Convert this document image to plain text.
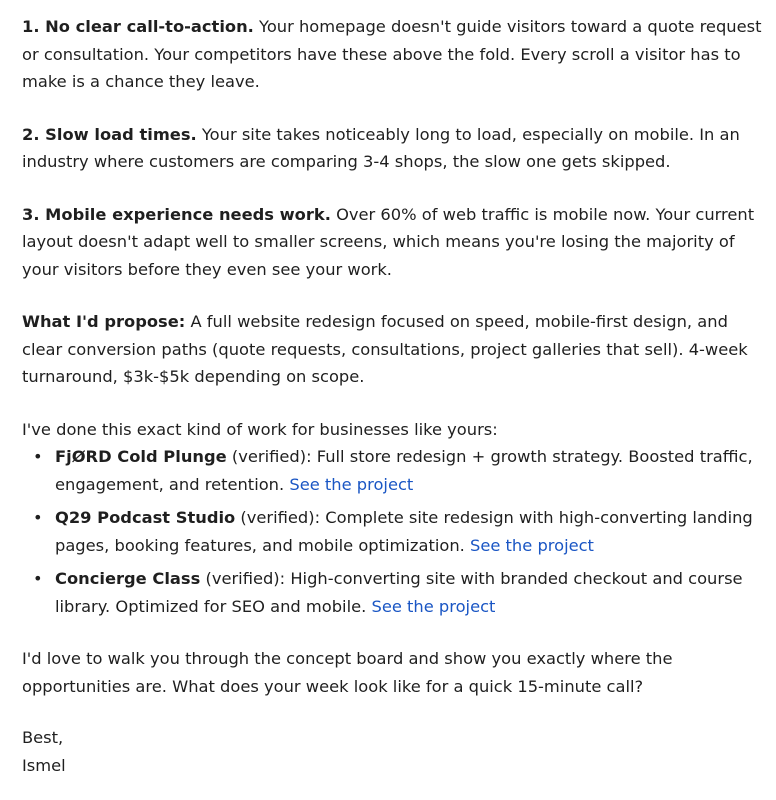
1. No clear call-to-action. Your homepage doesn't guide visitors toward a quote request or consultation. Your competitors have these above the fold. Every scroll a visitor has to make is a chance they leave.

2. Slow load times. Your site takes noticeably long to load, especially on mobile. In an industry where customers are comparing 3-4 shops, the slow one gets skipped.

3. Mobile experience needs work. Over 60% of web traffic is mobile now. Your current layout doesn't adapt well to smaller screens, which means you're losing the majority of your visitors before they even see your work.

What I'd propose: A full website redesign focused on speed, mobile-first design, and clear conversion paths (quote requests, consultations, project galleries that sell). 4-week turnaround, $3k-$5k depending on scope.

I've done this exact kind of work for businesses like yours:

• FjØRD Cold Plunge (verified): Full store redesign + growth strategy. Boosted traffic, engagement, and retention. See the project
• Q29 Podcast Studio (verified): Complete site redesign with high-converting landing pages, booking features, and mobile optimization. See the project
• Concierge Class (verified): High-converting site with branded checkout and course library. Optimized for SEO and mobile. See the project

I'd love to walk you through the concept board and show you exactly where the opportunities are. What does your week look like for a quick 15-minute call?

Best,

Ismel
